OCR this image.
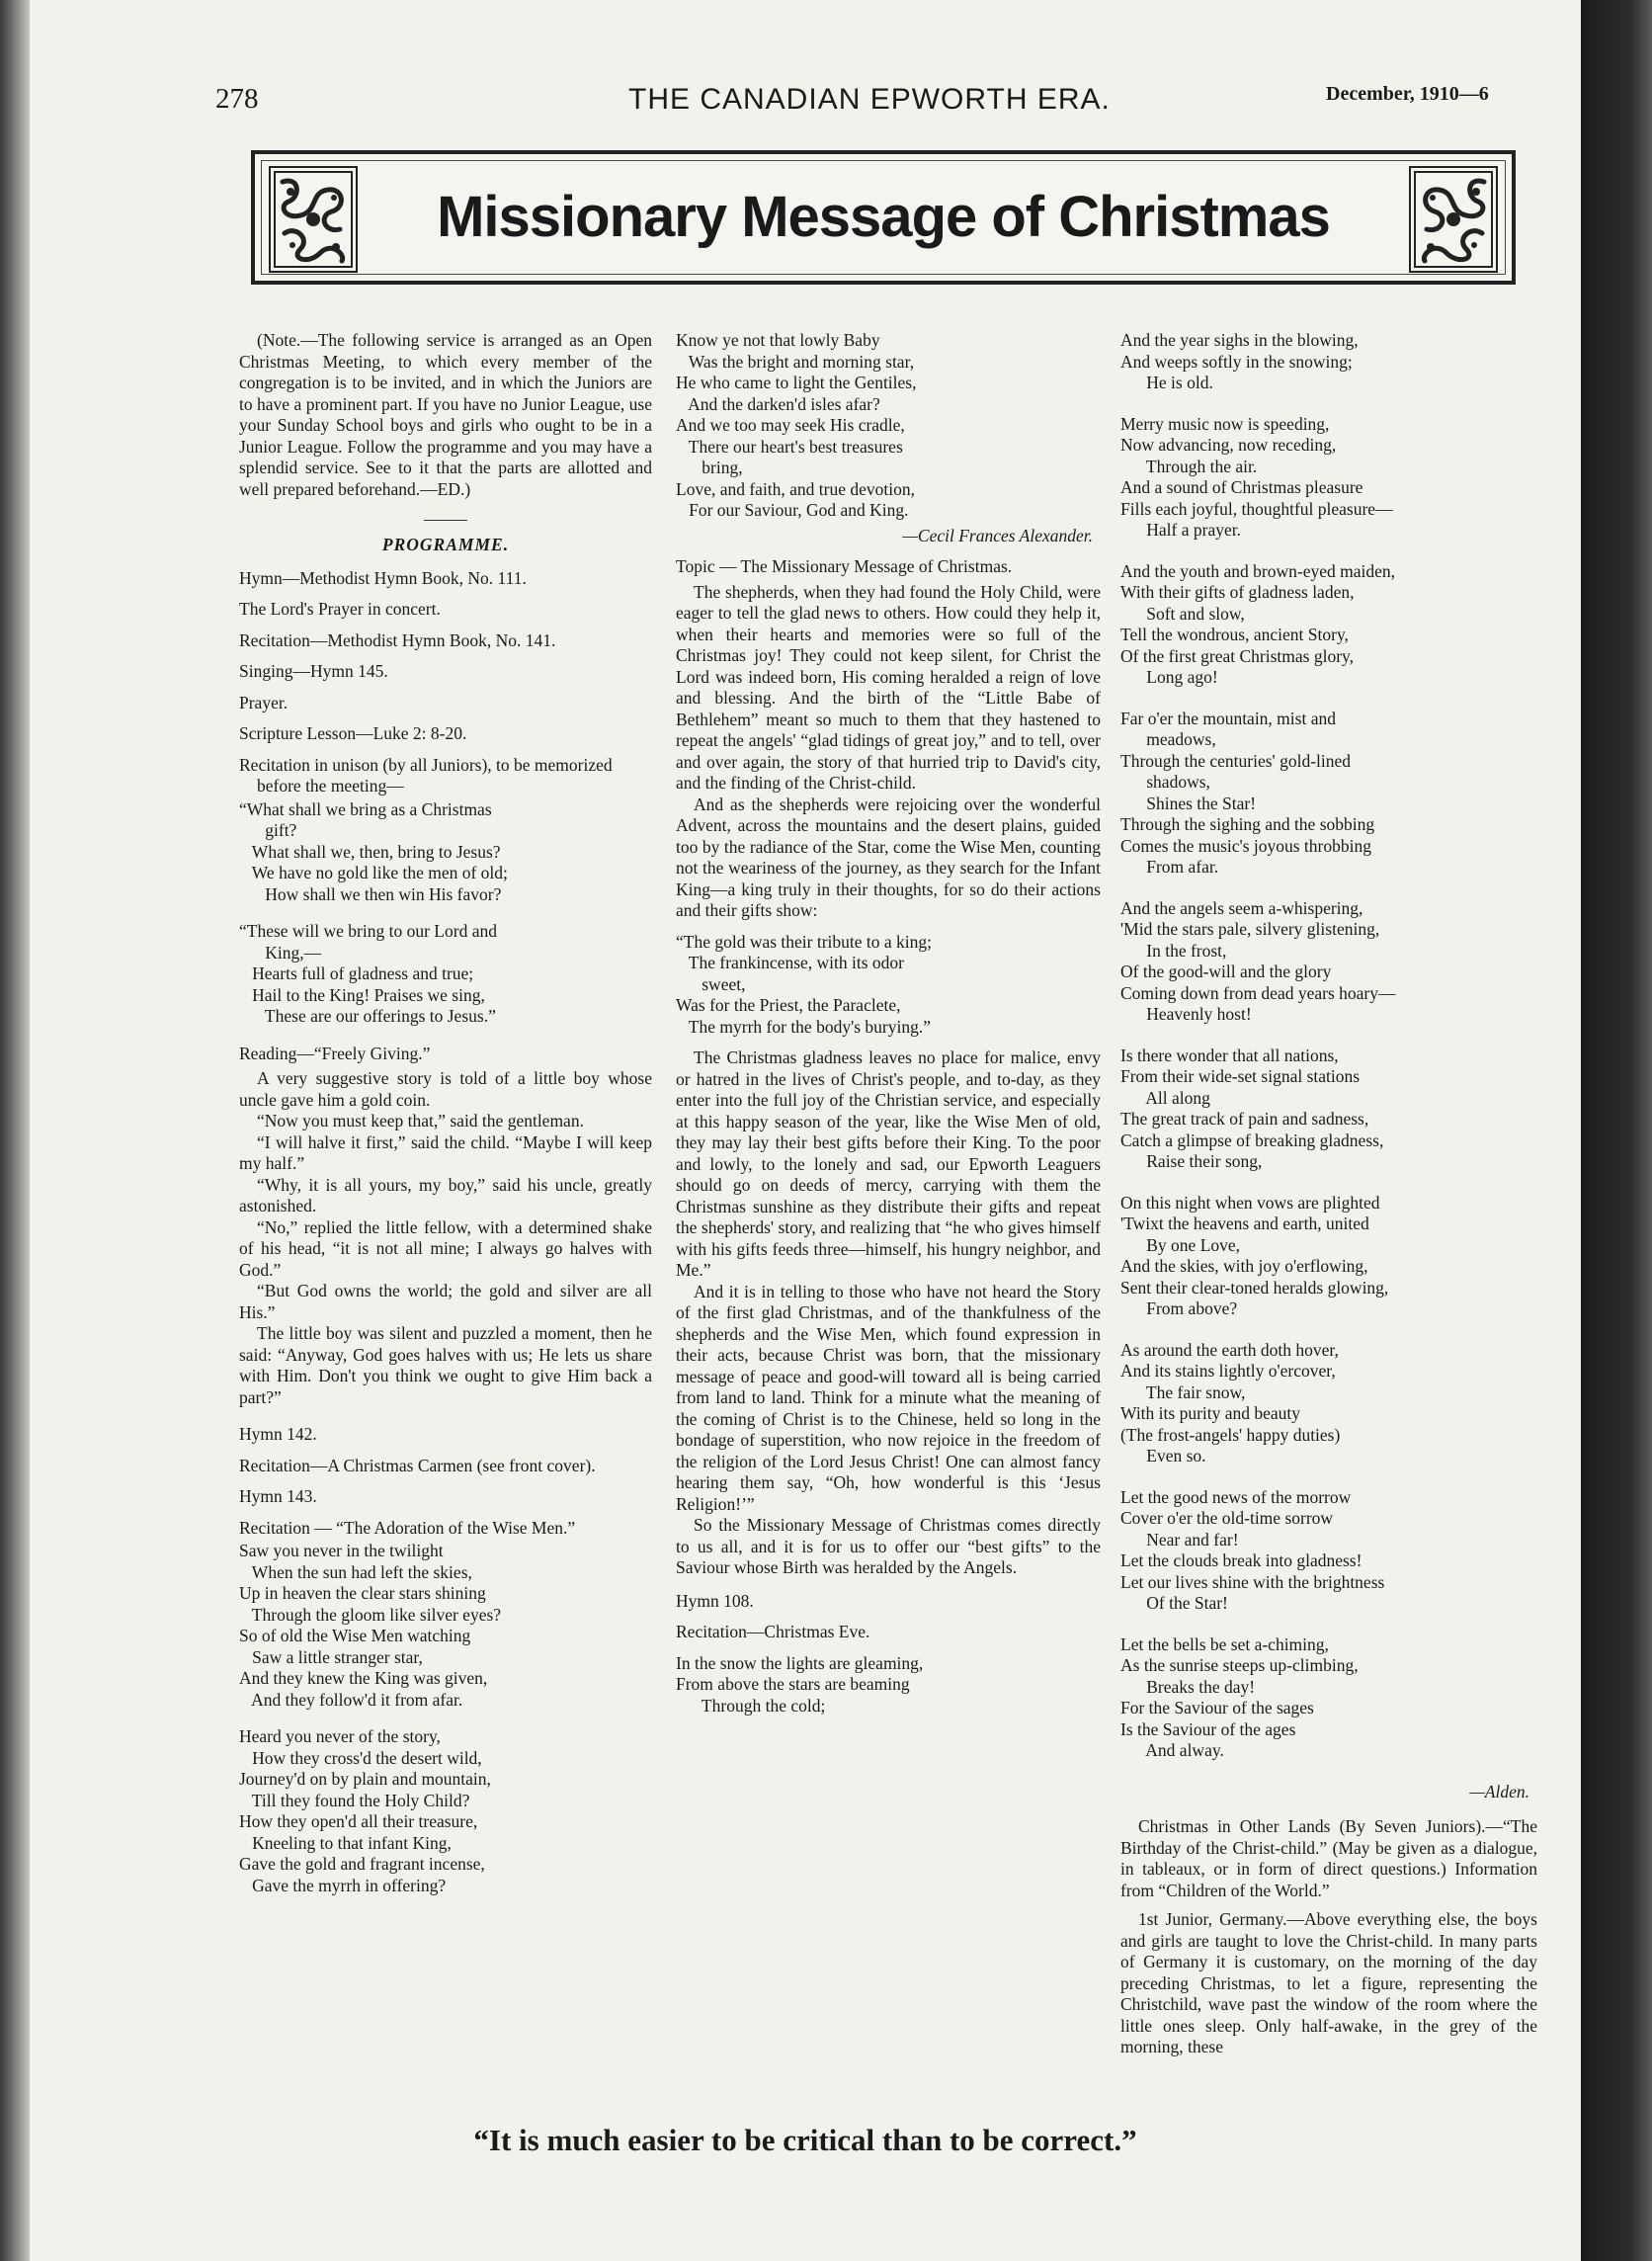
278	THE CANADIAN EPWORTH ERA.	December, 1910—6
Missionary Message of Christmas

(Note.—The following service is arranged as an Open Christmas Meeting, to which every member of the congregation is to be invited, and in which the Juniors are to have a prominent part. If you have no Junior League, use your Sunday School boys and girls who ought to be in a Junior League. Follow the programme and you may have a splendid service. See to it that the parts are allotted and well prepared beforehand.—ED.)

PROGRAMME.

Hymn—Methodist Hymn Book, No. 111.

The Lord's Prayer in concert.

Recitation—Methodist Hymn Book, No. 141.

Singing—Hymn 145.

Prayer.

Scripture Lesson—Luke 2: 8-20.

Recitation in unison (by all Juniors), to be memorized before the meeting—

“What shall we bring as a Christmas
gift?
What shall we, then, bring to Jesus?
We have no gold like the men of old;
How shall we then win His favor?
“These will we bring to our Lord and
King,—
Hearts full of gladness and true;
Hail to the King! Praises we sing,
These are our offerings to Jesus.”

Reading—“Freely Giving.”

A very suggestive story is told of a little boy whose uncle gave him a gold coin.

“Now you must keep that,” said the gentleman.

“I will halve it first,” said the child. “Maybe I will keep my half.”

“Why, it is all yours, my boy,” said his uncle, greatly astonished.

“No,” replied the little fellow, with a determined shake of his head, “it is not all mine; I always go halves with God.”

“But God owns the world; the gold and silver are all His.”

The little boy was silent and puzzled a moment, then he said: “Anyway, God goes halves with us; He lets us share with Him. Don't you think we ought to give Him back a part?”

Hymn 142.

Recitation—A Christmas Carmen (see front cover).

Hymn 143.

Recitation — “The Adoration of the Wise Men.”

Saw you never in the twilight
When the sun had left the skies,
Up in heaven the clear stars shining
Through the gloom like silver eyes?
So of old the Wise Men watching
Saw a little stranger star,
And they knew the King was given,
And they follow'd it from afar.
Heard you never of the story,
How they cross'd the desert wild,
Journey'd on by plain and mountain,
Till they found the Holy Child?
How they open'd all their treasure,
Kneeling to that infant King,
Gave the gold and fragrant incense,
Gave the myrrh in offering?
Know ye not that lowly Baby
Was the bright and morning star,
He who came to light the Gentiles,
And the darken'd isles afar?
And we too may seek His cradle,
There our heart's best treasures
bring,
Love, and faith, and true devotion,
For our Saviour, God and King.

—Cecil Frances Alexander.

Topic — The Missionary Message of Christmas.

The shepherds, when they had found the Holy Child, were eager to tell the glad news to others. How could they help it, when their hearts and memories were so full of the Christmas joy! They could not keep silent, for Christ the Lord was indeed born, His coming heralded a reign of love and blessing. And the birth of the “Little Babe of Bethlehem” meant so much to them that they hastened to repeat the angels' “glad tidings of great joy,” and to tell, over and over again, the story of that hurried trip to David's city, and the finding of the Christ-child.

And as the shepherds were rejoicing over the wonderful Advent, across the mountains and the desert plains, guided too by the radiance of the Star, come the Wise Men, counting not the weariness of the journey, as they search for the Infant King—a king truly in their thoughts, for so do their actions and their gifts show:

“The gold was their tribute to a king;
The frankincense, with its odor
sweet,
Was for the Priest, the Paraclete,
The myrrh for the body's burying.”

The Christmas gladness leaves no place for malice, envy or hatred in the lives of Christ's people, and to-day, as they enter into the full joy of the Christian service, and especially at this happy season of the year, like the Wise Men of old, they may lay their best gifts before their King. To the poor and lowly, to the lonely and sad, our Epworth Leaguers should go on deeds of mercy, carrying with them the Christmas sunshine as they distribute their gifts and repeat the shepherds' story, and realizing that “he who gives himself with his gifts feeds three—himself, his hungry neighbor, and Me.”

And it is in telling to those who have not heard the Story of the first glad Christmas, and of the thankfulness of the shepherds and the Wise Men, which found expression in their acts, because Christ was born, that the missionary message of peace and good-will toward all is being carried from land to land. Think for a minute what the meaning of the coming of Christ is to the Chinese, held so long in the bondage of superstition, who now rejoice in the freedom of the religion of the Lord Jesus Christ! One can almost fancy hearing them say, “Oh, how wonderful is this ‘Jesus Religion!’”

So the Missionary Message of Christmas comes directly to us all, and it is for us to offer our “best gifts” to the Saviour whose Birth was heralded by the Angels.

Hymn 108.

Recitation—Christmas Eve.

In the snow the lights are gleaming,
From above the stars are beaming
Through the cold;
And the year sighs in the blowing,
And weeps softly in the snowing;
He is old.
Merry music now is speeding,
Now advancing, now receding,
Through the air.
And a sound of Christmas pleasure
Fills each joyful, thoughtful pleasure—
Half a prayer.
And the youth and brown-eyed maiden,
With their gifts of gladness laden,
Soft and slow,
Tell the wondrous, ancient Story,
Of the first great Christmas glory,
Long ago!
Far o'er the mountain, mist and
meadows,
Through the centuries' gold-lined
shadows,
Shines the Star!
Through the sighing and the sobbing
Comes the music's joyous throbbing
From afar.
And the angels seem a-whispering,
'Mid the stars pale, silvery glistening,
In the frost,
Of the good-will and the glory
Coming down from dead years hoary—
Heavenly host!
Is there wonder that all nations,
From their wide-set signal stations
All along
The great track of pain and sadness,
Catch a glimpse of breaking gladness,
Raise their song,
On this night when vows are plighted
'Twixt the heavens and earth, united
By one Love,
And the skies, with joy o'erflowing,
Sent their clear-toned heralds glowing,
From above?
As around the earth doth hover,
And its stains lightly o'ercover,
The fair snow,
With its purity and beauty
(The frost-angels' happy duties)
Even so.
Let the good news of the morrow
Cover o'er the old-time sorrow
Near and far!
Let the clouds break into gladness!
Let our lives shine with the brightness
Of the Star!
Let the bells be set a-chiming,
As the sunrise steeps up-climbing,
Breaks the day!
For the Saviour of the sages
Is the Saviour of the ages
And alway.

—Alden.

Christmas in Other Lands (By Seven Juniors).—“The Birthday of the Christ-child.” (May be given as a dialogue, in tableaux, or in form of direct questions.) Information from “Children of the World.”

1st Junior, Germany.—Above everything else, the boys and girls are taught to love the Christ-child. In many parts of Germany it is customary, on the morning of the day preceding Christmas, to let a figure, representing the Christchild, wave past the window of the room where the little ones sleep. Only half-awake, in the grey of the morning, these

“It is much easier to be critical than to be correct.”
